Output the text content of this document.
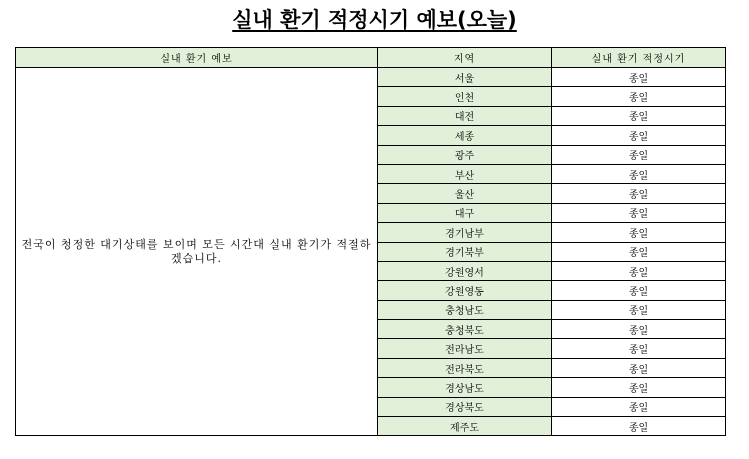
실내 환기 적정시기 예보(오늘)
실내 환기 예보	지역	실내 환기 적정시기
전국이 청정한 대기상태를 보이며 모든 시간대 실내 환기가 적절하겠습니다.	서울	종일
	인천	종일
	대전	종일
	세종	종일
	광주	종일
	부산	종일
	울산	종일
	대구	종일
	경기남부	종일
	경기북부	종일
	강원영서	종일
	강원영동	종일
	충청남도	종일
	충청북도	종일
	전라남도	종일
	전라북도	종일
	경상남도	종일
	경상북도	종일
	제주도	종일
